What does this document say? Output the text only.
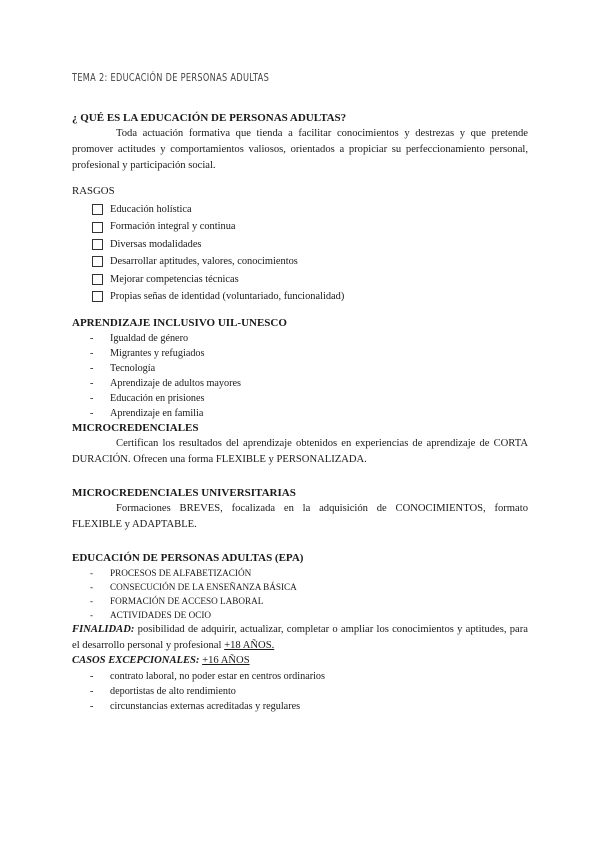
TEMA 2: EDUCACIÓN DE PERSONAS ADULTAS
¿ QUÉ ES LA EDUCACIÓN DE PERSONAS ADULTAS?

Toda actuación formativa que tienda a facilitar conocimientos y destrezas y que pretende promover actitudes y comportamientos valiosos, orientados a propiciar su perfeccionamiento personal, profesional y participación social.

RASGOS
Educación holística
Formación integral y continua
Diversas modalidades
Desarrollar aptitudes, valores, conocimientos
Mejorar competencias técnicas
Propias señas de identidad (voluntariado, funcionalidad)
APRENDIZAJE INCLUSIVO UIL-UNESCO
-	Igualdad de género
-	Migrantes y refugiados
-	Tecnología
-	Aprendizaje de adultos mayores
-	Educación en prisiones
-	Aprendizaje en familia
MICROCREDENCIALES

Certifican los resultados del aprendizaje obtenidos en experiencias de aprendizaje de CORTA DURACIÓN. Ofrecen una forma FLEXIBLE y PERSONALIZADA.

MICROCREDENCIALES UNIVERSITARIAS

Formaciones BREVES, focalizada en la adquisición de CONOCIMIENTOS, formato FLEXIBLE y ADAPTABLE.

EDUCACIÓN DE PERSONAS ADULTAS (EPA)
-	PROCESOS DE ALFABETIZACIÓN
-	CONSECUCIÓN DE LA ENSEÑANZA BÁSICA
-	FORMACIÓN DE ACCESO LABORAL
-	ACTIVIDADES DE OCIO

FINALIDAD: posibilidad de adquirir, actualizar, completar o ampliar los conocimientos y aptitudes, para el desarrollo personal y profesional +18 AÑOS.

CASOS EXCEPCIONALES: +16 AÑOS

-	contrato laboral, no poder estar en centros ordinarios
-	deportistas de alto rendimiento
-	circunstancias externas acreditadas y regulares
